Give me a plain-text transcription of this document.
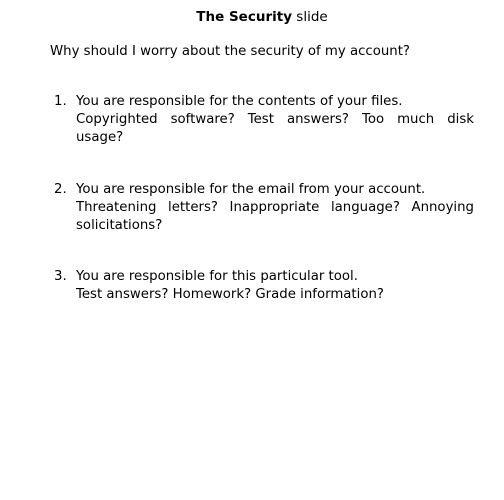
The Security slide
Why should I worry about the security of my account?
1. You are responsible for the contents of your files.
Copyrighted software? Test answers? Too much disk
usage?
2. You are responsible for the email from your account.
Threatening letters? Inappropriate language? Annoying
solicitations?
3. You are responsible for this particular tool.
Test answers? Homework? Grade information?
